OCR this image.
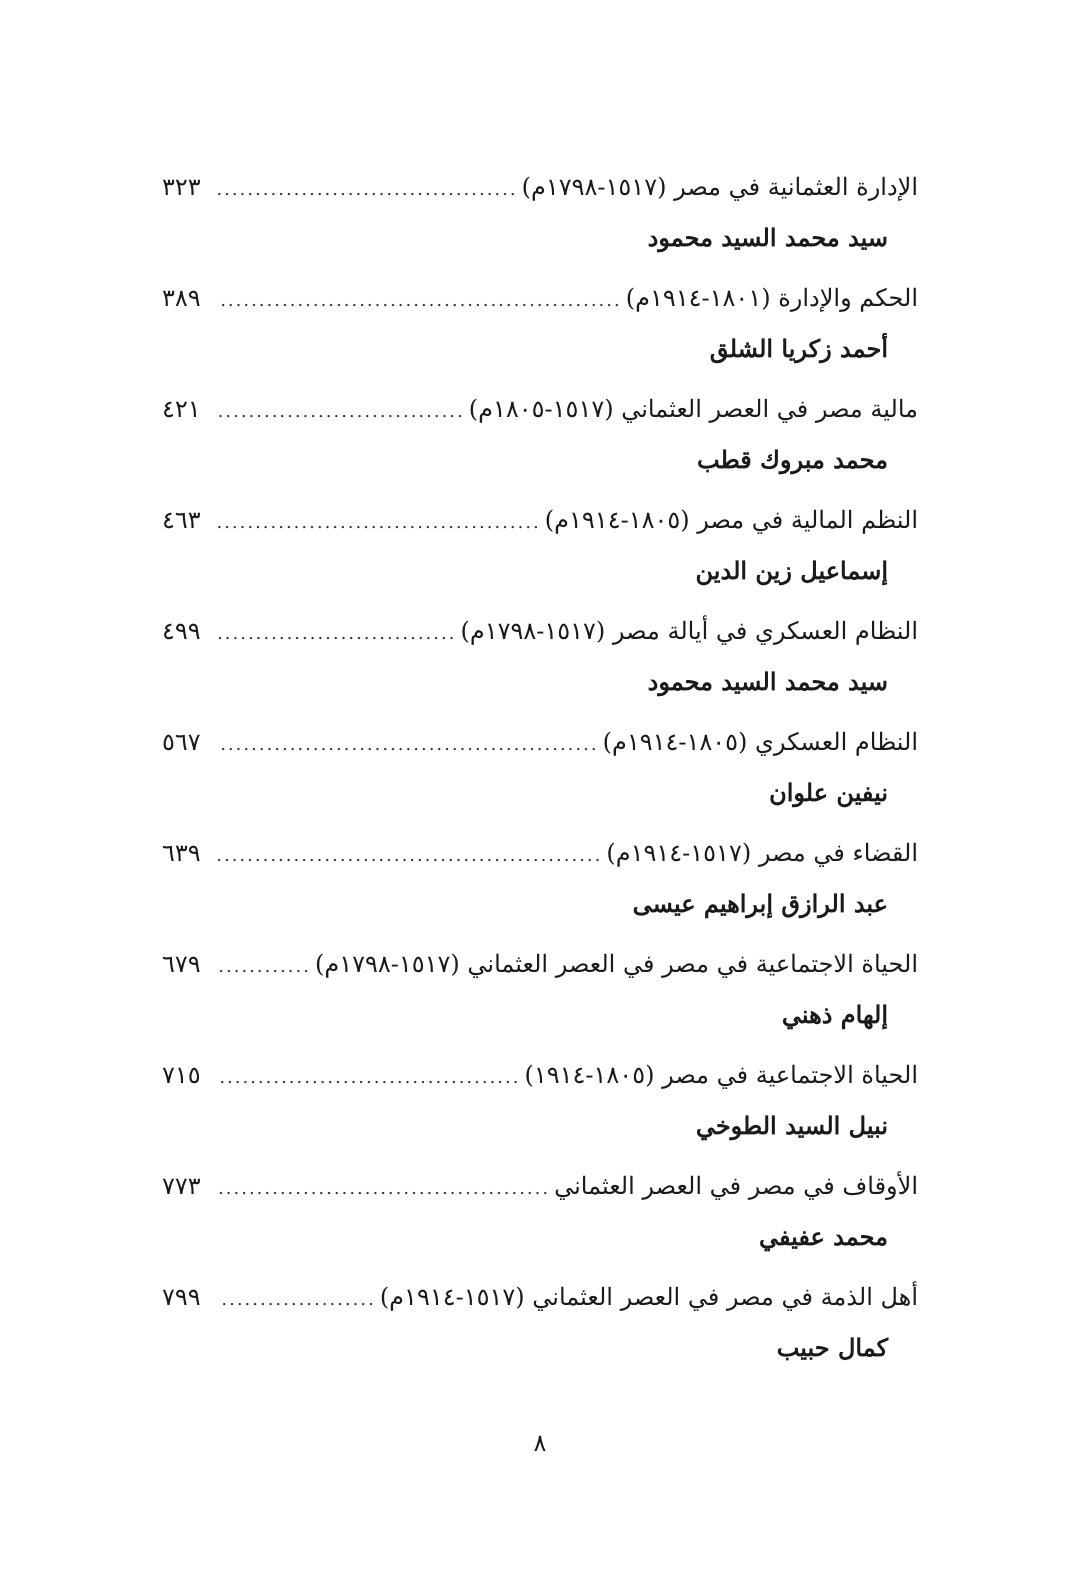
الإدارة العثمانية في مصر (١٥١٧-١٧٩٨م)
.....
٣٢٣
سيد محمد السيد محمود
الحكم والإدارة (١٨٠١-١٩١٤م)
.....
٣٨٩
أحمد زكريا الشلق
مالية مصر في العصر العثماني (١٥١٧-١٨٠٥م)
.....
٤٢١
محمد مبروك قطب
النظم المالية في مصر (١٨٠٥-١٩١٤م)
.....
٤٦٣
إسماعيل زين الدين
النظام العسكري في أيالة مصر (١٥١٧-١٧٩٨م)
.....
٤٩٩
سيد محمد السيد محمود
النظام العسكري (١٨٠٥-١٩١٤م)
.....
٥٦٧
نيفين علوان
القضاء في مصر (١٥١٧-١٩١٤م)
.....
٦٣٩
عبد الرازق إبراهيم عيسى
الحياة الاجتماعية في مصر في العصر العثماني (١٥١٧-١٧٩٨م)
.....
٦٧٩
إلهام ذهني
الحياة الاجتماعية في مصر (١٨٠٥-١٩١٤)
.....
٧١٥
نبيل السيد الطوخي
الأوقاف في مصر في العصر العثماني
.....
٧٧٣
محمد عفيفي
أهل الذمة في مصر في العصر العثماني (١٥١٧-١٩١٤م)
.....
٧٩٩
كمال حبيب
٨
